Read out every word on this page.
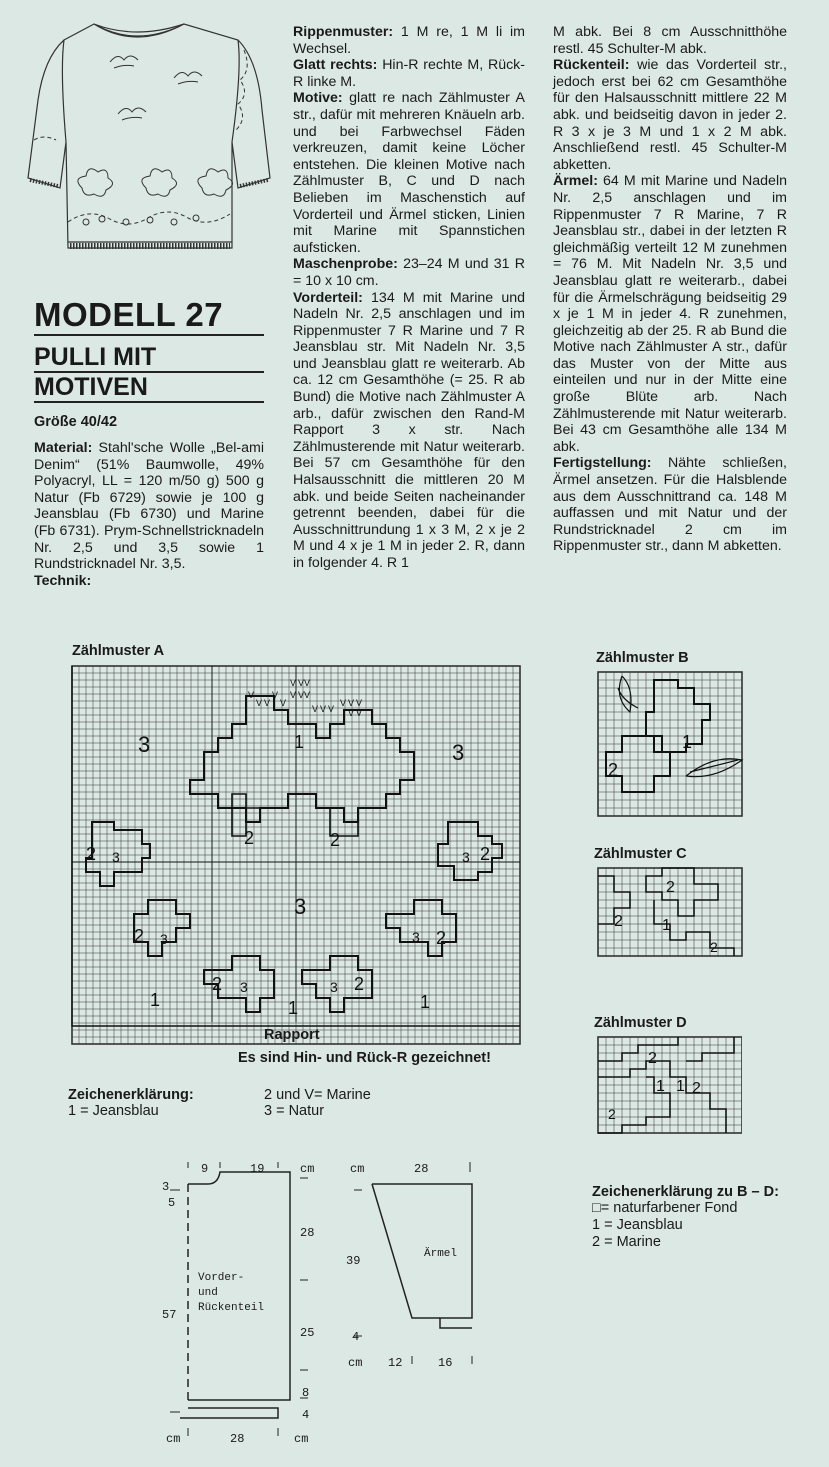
MODELL 27
PULLI MIT
MOTIVEN
Größe 40/42

Material: Stahl'sche Wolle „Bel-ami Denim“ (51% Baumwolle, 49% Polyacryl, LL = 120 m/50 g) 500 g Natur (Fb 6729) sowie je 100 g Jeansblau (Fb 6730) und Marine (Fb 6731). Prym-Schnellstricknadeln Nr. 2,5 und 3,5 sowie 1 Rundstricknadel Nr. 3,5.

Technik:

Rippenmuster: 1 M re, 1 M li im Wechsel.

Glatt rechts: Hin-R rechte M, Rück-R linke M.

Motive: glatt re nach Zählmuster A str., dafür mit mehreren Knäueln arb. und bei Farbwechsel Fäden verkreuzen, damit keine Löcher entstehen. Die kleinen Motive nach Zählmuster B, C und D nach Belieben im Maschenstich auf Vorderteil und Ärmel sticken, Linien mit Marine mit Spannstichen aufsticken.

Maschenprobe: 23–24 M und 31 R = 10 x 10 cm.

Vorderteil: 134 M mit Marine und Nadeln Nr. 2,5 anschlagen und im Rippenmuster 7 R Marine und 7 R Jeansblau str. Mit Nadeln Nr. 3,5 und Jeansblau glatt re weiterarb. Ab ca. 12 cm Gesamthöhe (= 25. R ab Bund) die Motive nach Zählmuster A arb., dafür zwischen den Rand-M Rapport 3 x str. Nach Zählmusterende mit Natur weiterarb. Bei 57 cm Gesamthöhe für den Halsausschnitt die mittleren 20 M abk. und beide Seiten nacheinander getrennt beenden, dabei für die Ausschnittrundung 1 x 3 M, 2 x je 2 M und 4 x je 1 M in jeder 2. R, dann in folgender 4. R 1

M abk. Bei 8 cm Ausschnitthöhe restl. 45 Schulter-M abk.

Rückenteil: wie das Vorderteil str., jedoch erst bei 62 cm Gesamthöhe für den Halsausschnitt mittlere 22 M abk. und beidseitig davon in jeder 2. R 3 x je 3 M und 1 x 2 M abk. Anschließend restl. 45 Schulter-M abketten.

Ärmel: 64 M mit Marine und Nadeln Nr. 2,5 anschlagen und im Rippenmuster 7 R Marine, 7 R Jeansblau str., dabei in der letzten R gleichmäßig verteilt 12 M zunehmen = 76 M. Mit Nadeln Nr. 3,5 und Jeansblau glatt re weiterarb., dabei für die Ärmelschrägung beidseitig 29 x je 1 M in jeder 4. R zunehmen, gleichzeitig ab der 25. R ab Bund die Motive nach Zählmuster A str., dafür das Muster von der Mitte aus einteilen und nur in der Mitte eine große Blüte arb. Nach Zählmusterende mit Natur weiterarb. Bei 43 cm Gesamthöhe alle 134 M abk.

Fertigstellung: Nähte schließen, Ärmel ansetzen. Für die Halsblende aus dem Ausschnittrand ca. 148 M auffassen und mit Natur und der Rundstricknadel 2 cm im Rippenmuster str., dann M abketten.

Zählmuster A
3	3
1
2	2
2 3	3 2
3
2 3	3 2
2 3	3 2
1	1	1
V
V V
V
V
V V V
V V V
V V V
V V V
V V
Rapport
Es sind Hin- und Rück-R gezeichnet!
Zählmuster B
1
2
Zählmuster C
2
2 1
2
Zählmuster D
2
1 1 2
2
Zeichenerklärung:
1 = Jeansblau
2 und V= Marine
3 = Natur
Zeichenerklärung zu B – D:
□= naturfarbener Fond
1 = Jeansblau
2 = Marine
9	19	cm
3
5
57
Vorder-
und
Rückenteil
28
25
8
4
cm	28	cm
cm	28
39	Ärmel
4
cm 12	16
